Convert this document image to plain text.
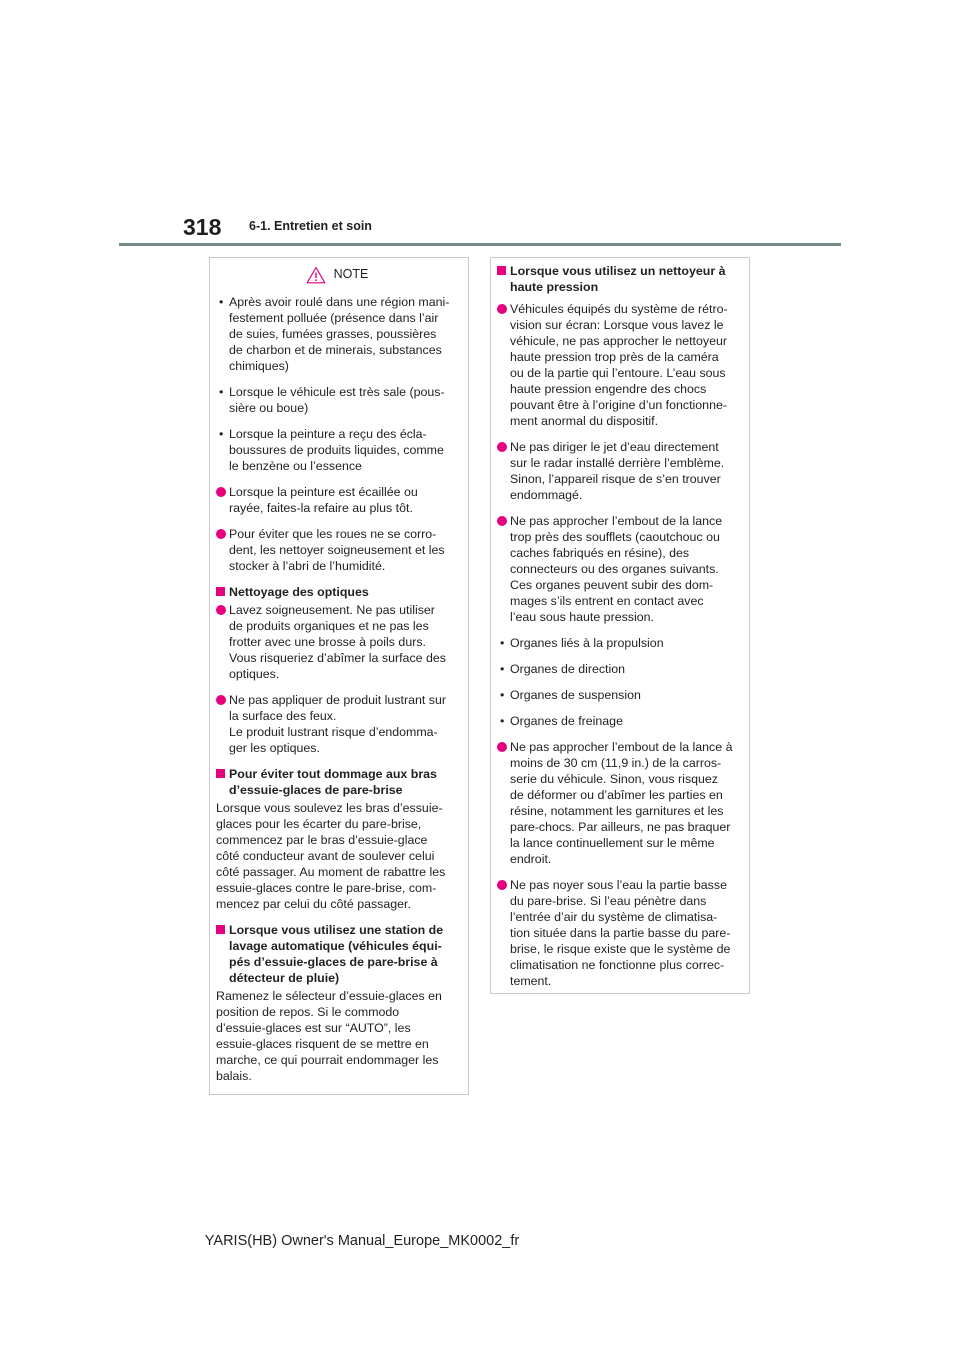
318 6-1. Entretien et soin
NOTE
• Après avoir roulé dans une région mani-
festement polluée (présence dans l’air
de suies, fumées grasses, poussières
de charbon et de minerais, substances
chimiques)
• Lorsque le véhicule est très sale (pous-
sière ou boue)
• Lorsque la peinture a reçu des écla-
boussures de produits liquides, comme
le benzène ou l’essence
Lorsque la peinture est écaillée ou
rayée, faites-la refaire au plus tôt.
Pour éviter que les roues ne se corro-
dent, les nettoyer soigneusement et les
stocker à l’abri de l’humidité.
Nettoyage des optiques
Lavez soigneusement. Ne pas utiliser
de produits organiques et ne pas les
frotter avec une brosse à poils durs.
Vous risqueriez d’abîmer la surface des
optiques.
Ne pas appliquer de produit lustrant sur
la surface des feux.
Le produit lustrant risque d’endomma-
ger les optiques.
Pour éviter tout dommage aux bras
d’essuie-glaces de pare-brise
Lorsque vous soulevez les bras d’essuie-
glaces pour les écarter du pare-brise,
commencez par le bras d’essuie-glace
côté conducteur avant de soulever celui
côté passager. Au moment de rabattre les
essuie-glaces contre le pare-brise, com-
mencez par celui du côté passager.
Lorsque vous utilisez une station de
lavage automatique (véhicules équi-
pés d’essuie-glaces de pare-brise à
détecteur de pluie)
Ramenez le sélecteur d’essuie-glaces en
position de repos. Si le commodo
d’essuie-glaces est sur “AUTO”, les
essuie-glaces risquent de se mettre en
marche, ce qui pourrait endommager les
balais.
Lorsque vous utilisez un nettoyeur à
haute pression
Véhicules équipés du système de rétro-
vision sur écran: Lorsque vous lavez le
véhicule, ne pas approcher le nettoyeur
haute pression trop près de la caméra
ou de la partie qui l’entoure. L’eau sous
haute pression engendre des chocs
pouvant être à l’origine d’un fonctionne-
ment anormal du dispositif.
Ne pas diriger le jet d’eau directement
sur le radar installé derrière l’emblème.
Sinon, l’appareil risque de s’en trouver
endommagé.
Ne pas approcher l’embout de la lance
trop près des soufflets (caoutchouc ou
caches fabriqués en résine), des
connecteurs ou des organes suivants.
Ces organes peuvent subir des dom-
mages s’ils entrent en contact avec
l’eau sous haute pression.
• Organes liés à la propulsion
• Organes de direction
• Organes de suspension
• Organes de freinage
Ne pas approcher l’embout de la lance à
moins de 30 cm (11,9 in.) de la carros-
serie du véhicule. Sinon, vous risquez
de déformer ou d’abîmer les parties en
résine, notamment les garnitures et les
pare-chocs. Par ailleurs, ne pas braquer
la lance continuellement sur le même
endroit.
Ne pas noyer sous l’eau la partie basse
du pare-brise. Si l’eau pénètre dans
l’entrée d’air du système de climatisa-
tion située dans la partie basse du pare-
brise, le risque existe que le système de
climatisation ne fonctionne plus correc-
tement.
YARIS(HB) Owner's Manual_Europe_MK0002_fr
